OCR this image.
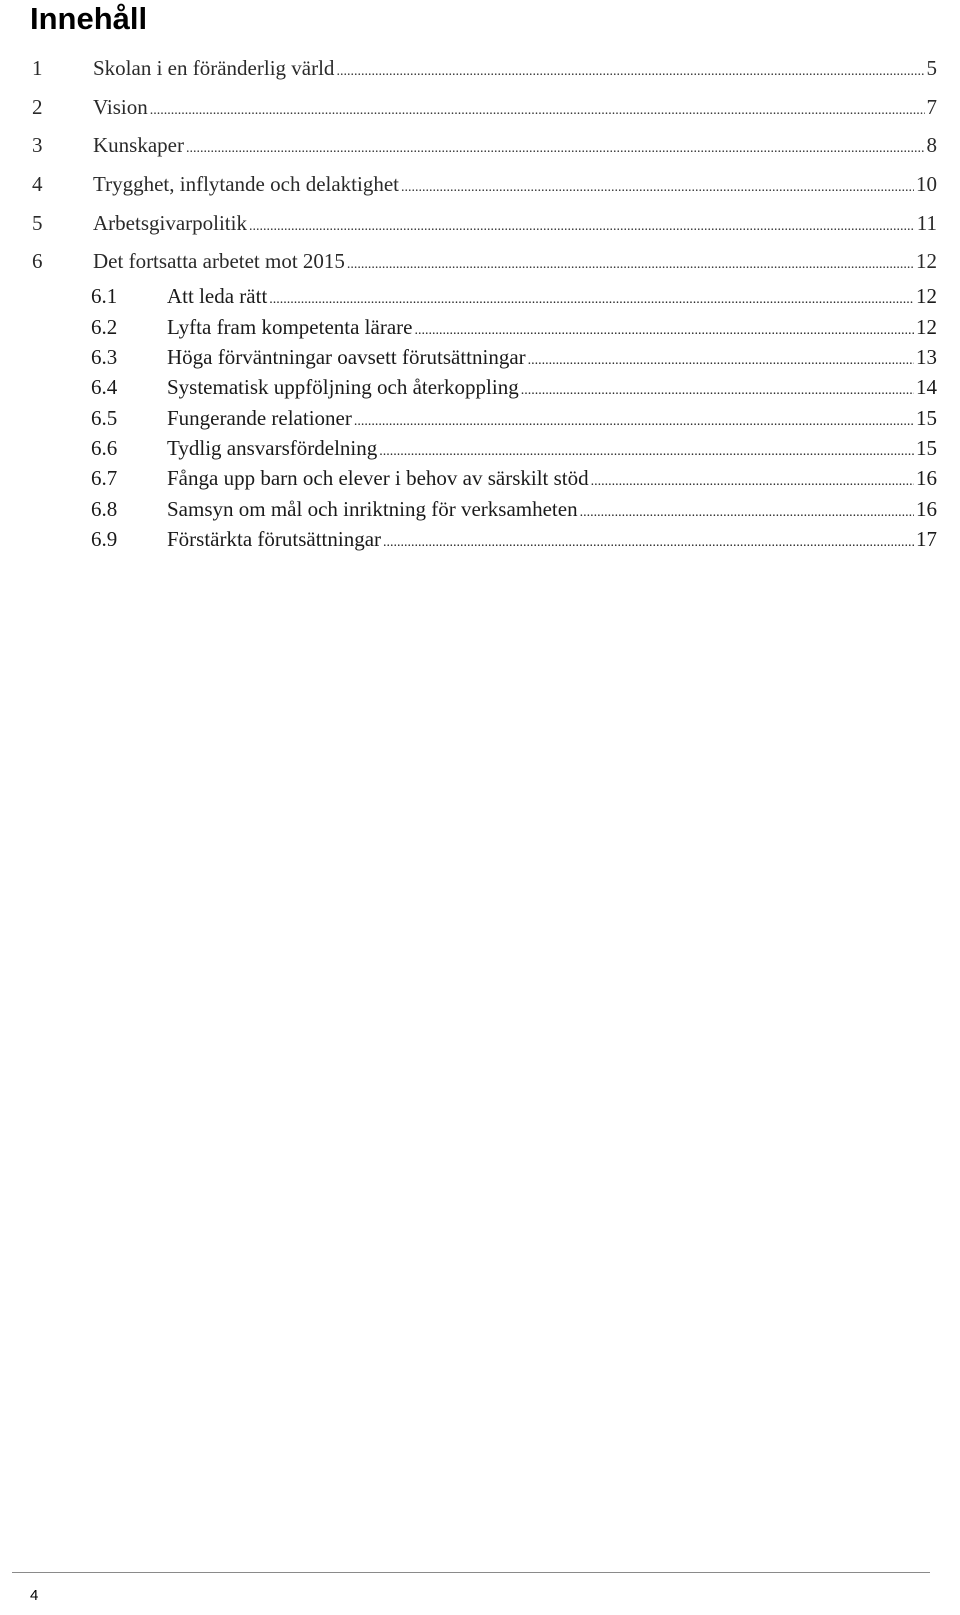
Innehåll
1	Skolan i en föränderlig värld .....	5
2	Vision .....	7
3	Kunskaper .....	8
4	Trygghet, inflytande och delaktighet .....	10
5	Arbetsgivarpolitik .....	11
6	Det fortsatta arbetet mot 2015 .....	12
6.1	Att leda rätt .....	12
6.2	Lyfta fram kompetenta lärare .....	12
6.3	Höga förväntningar oavsett förutsättningar .....	13
6.4	Systematisk uppföljning och återkoppling .....	14
6.5	Fungerande relationer .....	15
6.6	Tydlig ansvarsfördelning .....	15
6.7	Fånga upp barn och elever i behov av särskilt stöd .....	16
6.8	Samsyn om mål och inriktning för verksamheten .....	16
6.9	Förstärkta förutsättningar .....	17
4
